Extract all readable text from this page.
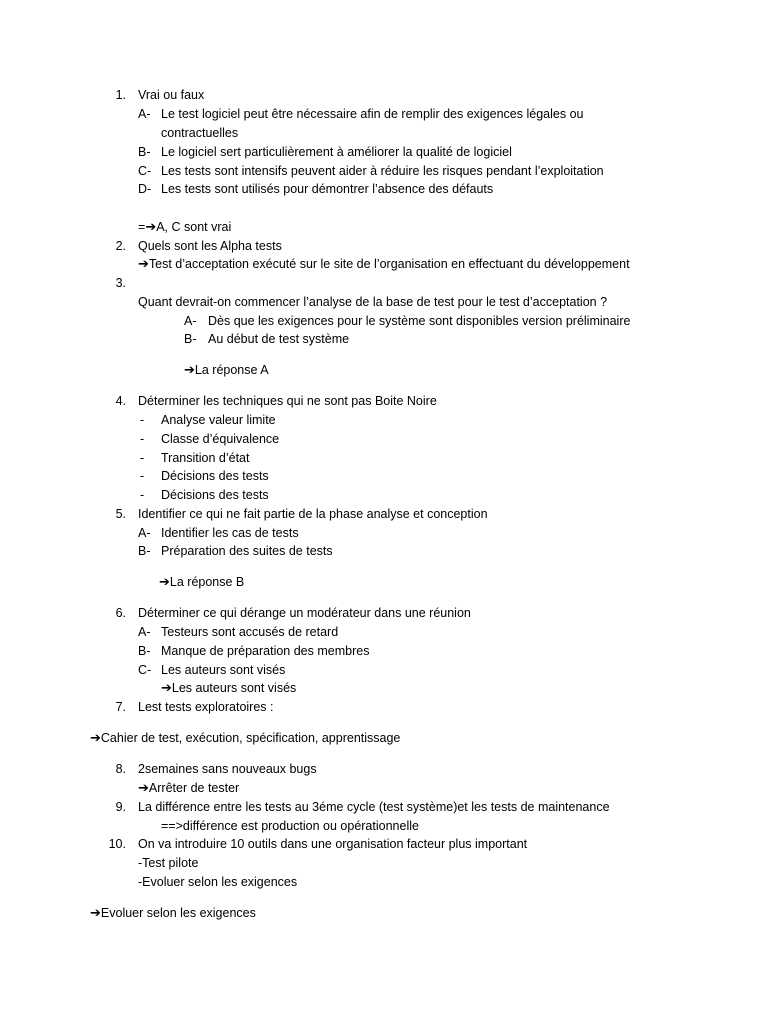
1. Vrai ou faux
A- Le test logiciel peut être nécessaire afin de remplir des exigences légales ou
contractuelles
B- Le logiciel sert particulièrement à améliorer la qualité de logiciel
C- Les tests sont intensifs peuvent aider à réduire les risques pendant l’exploitation
D- Les tests sont utilisés pour démontrer l’absence des défauts
=➔A, C sont vrai
2. Quels sont les Alpha tests
➔Test d’acceptation exécuté sur le site de l’organisation en effectuant du développement
3.
Quant devrait-on commencer l’analyse de la base de test pour le test d’acceptation ?
A- Dès que les exigences pour le système sont disponibles version préliminaire
B- Au début de test système
➔La réponse A
4. Déterminer les techniques qui ne sont pas Boite Noire
- Analyse valeur limite
- Classe d’équivalence
- Transition d’état
- Décisions des tests
- Décisions des tests
5. Identifier ce qui ne fait partie de la phase analyse et conception
A- Identifier les cas de tests
B- Préparation des suites de tests
➔La réponse B
6. Déterminer ce qui dérange un modérateur dans une réunion
A- Testeurs sont accusés de retard
B- Manque de préparation des membres
C- Les auteurs sont visés
➔Les auteurs sont visés
7. Lest tests exploratoires :
➔Cahier de test, exécution, spécification, apprentissage
8. 2semaines sans nouveaux bugs
➔Arrêter de tester
9. La différence entre les tests au 3éme cycle (test système)et les tests de maintenance
==>différence est production ou opérationnelle
10. On va introduire 10 outils dans une organisation facteur plus important
-Test pilote
-Evoluer selon les exigences
➔Evoluer selon les exigences
